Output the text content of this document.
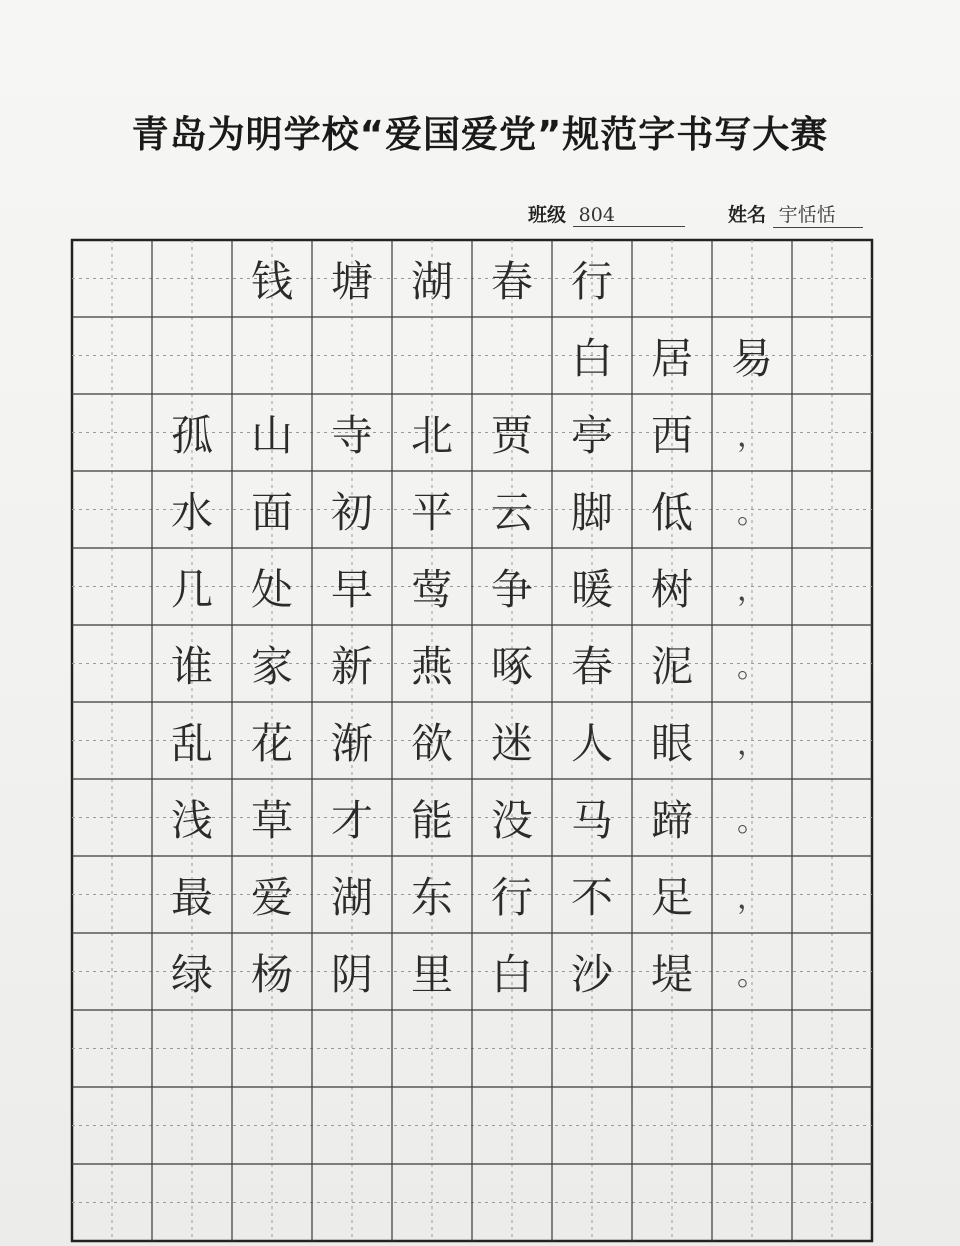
青岛为明学校“爱国爱党”规范字书写大赛
班级 804	姓名 宇恬恬
钱 塘 湖 春 行
白 居 易
孤 山 寺 北 贾 亭 西	，
水 面 初 平 云 脚 低	。
几 处 早 莺 争 暖 树	，
谁 家 新 燕 啄 春 泥	。
乱 花 渐 欲 迷 人 眼	，
浅 草 才 能 没 马 蹄	。
最 爱 湖 东 行 不 足	，
绿 杨 阴 里 白 沙 堤	。
